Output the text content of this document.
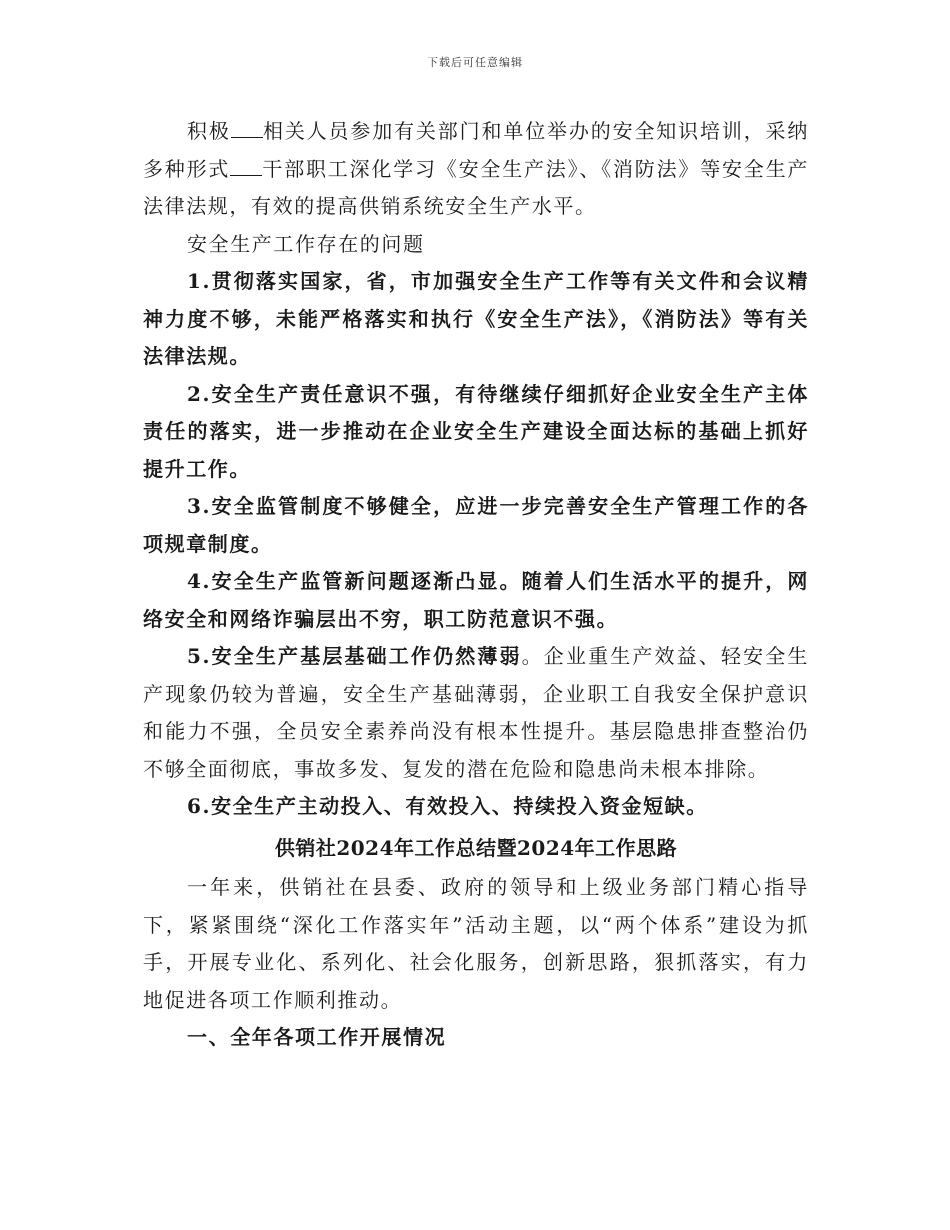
下载后可任意编辑

积极 相关人员参加有关部门和单位举办的安全知识培训，采纳多种形式 干部职工深化学习《安全生产法》、《消防法》等安全生产法律法规，有效的提高供销系统安全生产水平。

安全生产工作存在的问题

1.贯彻落实国家，省，市加强安全生产工作等有关文件和会议精神力度不够，未能严格落实和执行《安全生产法》，《消防法》等有关法律法规。

2.安全生产责任意识不强，有待继续仔细抓好企业安全生产主体责任的落实，进一步推动在企业安全生产建设全面达标的基础上抓好提升工作。

3.安全监管制度不够健全，应进一步完善安全生产管理工作的各项规章制度。

4.安全生产监管新问题逐渐凸显。随着人们生活水平的提升，网络安全和网络诈骗层出不穷，职工防范意识不强。

5.安全生产基层基础工作仍然薄弱。企业重生产效益、轻安全生产现象仍较为普遍，安全生产基础薄弱，企业职工自我安全保护意识和能力不强，全员安全素养尚没有根本性提升。基层隐患排查整治仍不够全面彻底，事故多发、复发的潜在危险和隐患尚未根本排除。

6.安全生产主动投入、有效投入、持续投入资金短缺。

供销社2024年工作总结暨2024年工作思路

一年来，供销社在县委、政府的领导和上级业务部门精心指导下，紧紧围绕“深化工作落实年”活动主题，以“两个体系”建设为抓手，开展专业化、系列化、社会化服务，创新思路，狠抓落实，有力地促进各项工作顺利推动。

一、全年各项工作开展情况
